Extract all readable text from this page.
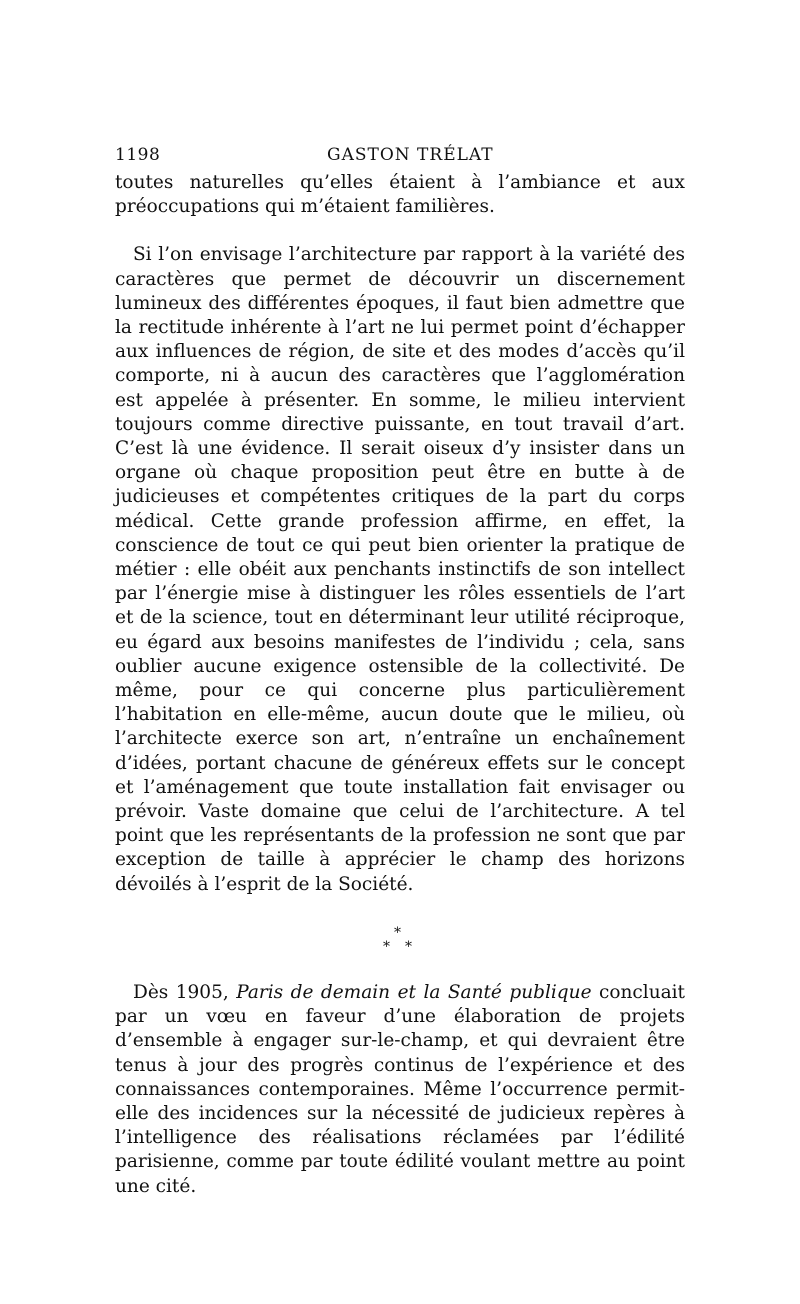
1198	GASTON TRÉLAT

toutes naturelles qu’elles étaient à l’ambiance et aux préoccupations qui m’étaient familières.

Si l’on envisage l’architecture par rapport à la variété des caractères que permet de découvrir un discernement lumineux des différentes époques, il faut bien admettre que la rectitude inhérente à l’art ne lui permet point d’échapper aux influences de région, de site et des modes d’accès qu’il comporte, ni à aucun des caractères que l’agglomération est appelée à présenter. En somme, le milieu intervient toujours comme directive puissante, en tout travail d’art. C’est là une évidence. Il serait oiseux d’y insister dans un organe où chaque proposition peut être en butte à de judicieuses et compétentes critiques de la part du corps médical. Cette grande profession affirme, en effet, la conscience de tout ce qui peut bien orienter la pratique de métier : elle obéit aux penchants instinctifs de son intellect par l’énergie mise à distinguer les rôles essentiels de l’art et de la science, tout en déterminant leur utilité réciproque, eu égard aux besoins manifestes de l’individu ; cela, sans oublier aucune exigence ostensible de la collectivité. De même, pour ce qui concerne plus particulièrement l’habitation en elle-même, aucun doute que le milieu, où l’architecte exerce son art, n’entraîne un enchaînement d’idées, portant chacune de généreux effets sur le concept et l’aménagement que toute installation fait envisager ou prévoir. Vaste domaine que celui de l’architecture. A tel point que les représentants de la profession ne sont que par exception de taille à apprécier le champ des horizons dévoilés à l’esprit de la Société.

*
* *

Dès 1905, Paris de demain et la Santé publique concluait par un vœu en faveur d’une élaboration de projets d’ensemble à engager sur-le-champ, et qui devraient être tenus à jour des progrès continus de l’expérience et des connaissances contemporaines. Même l’occurrence permit-elle des incidences sur la nécessité de judicieux repères à l’intelligence des réalisations réclamées par l’édilité parisienne, comme par toute édilité voulant mettre au point une cité.
